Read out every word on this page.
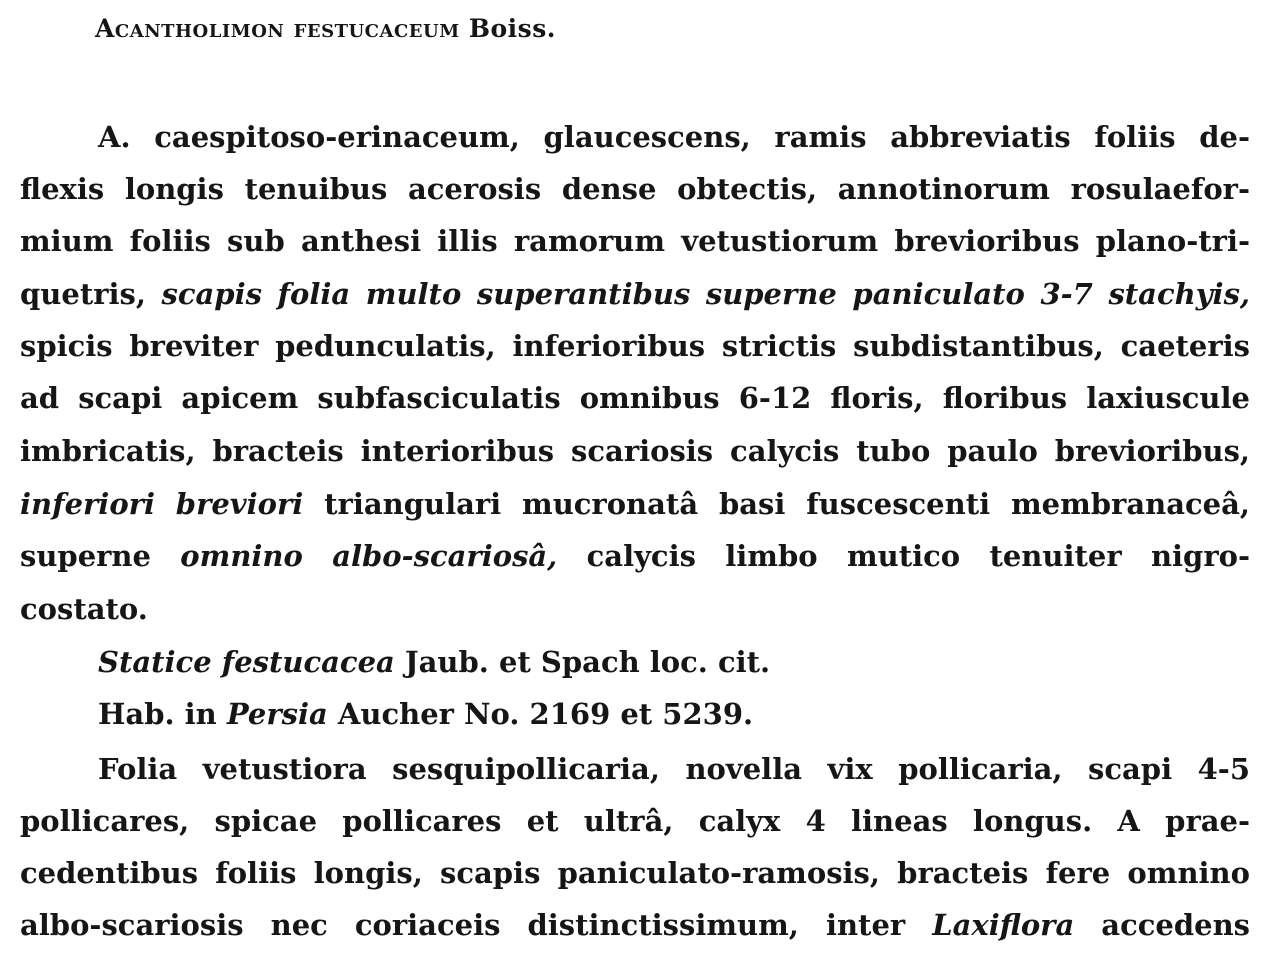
Acantholimon festucaceum Boiss.
A. caespitoso-erinaceum, glaucescens, ramis abbreviatis foliis de-
flexis longis tenuibus acerosis dense obtectis, annotinorum rosulaefor-
mium foliis sub anthesi illis ramorum vetustiorum brevioribus plano-tri-
quetris, scapis folia multo superantibus superne paniculato 3-7 stachyis,
spicis breviter pedunculatis, inferioribus strictis subdistantibus, caeteris
ad scapi apicem subfasciculatis omnibus 6-12 floris, floribus laxiuscule
imbricatis, bracteis interioribus scariosis calycis tubo paulo brevioribus,
inferiori breviori triangulari mucronatâ basi fuscescenti membranaceâ,
superne omnino albo-scariosâ, calycis limbo mutico tenuiter nigro-
costato.
Statice festucacea Jaub. et Spach loc. cit.
Hab. in Persia Aucher No. 2169 et 5239.
Folia vetustiora sesquipollicaria, novella vix pollicaria, scapi 4-5
pollicares, spicae pollicares et ultrâ, calyx 4 lineas longus. A prae-
cedentibus foliis longis, scapis paniculato-ramosis, bracteis fere omnino
albo-scariosis nec coriaceis distinctissimum, inter Laxiflora accedens
